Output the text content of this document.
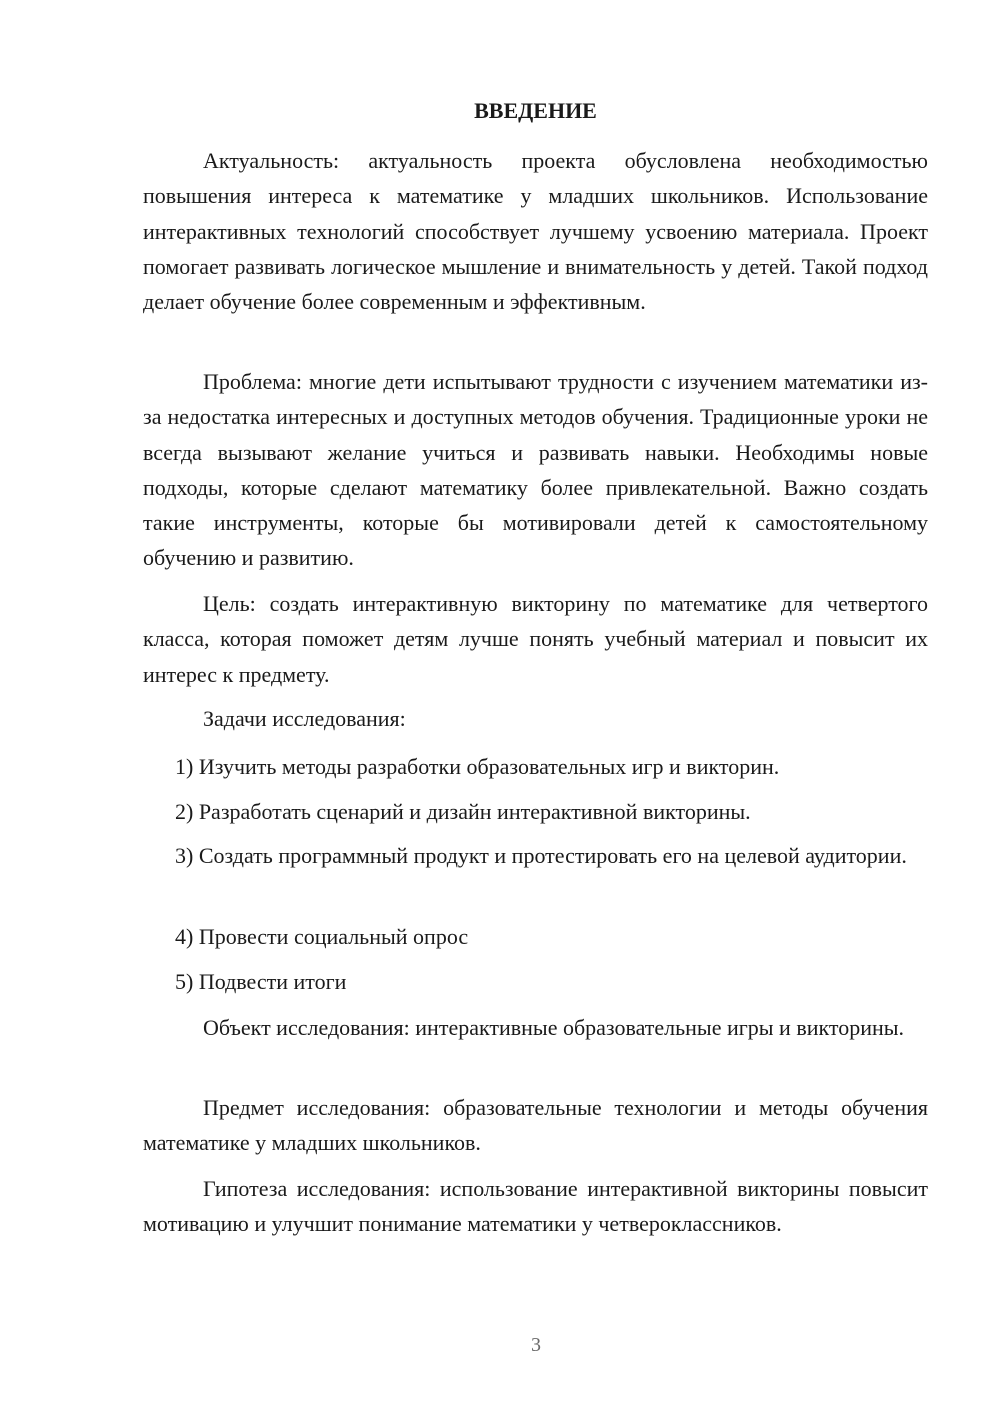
ВВЕДЕНИЕ

Актуальность: актуальность проекта обусловлена необходимостью повышения интереса к математике у младших школьников. Использование интерактивных технологий способствует лучшему усвоению материала. Проект помогает развивать логическое мышление и внимательность у детей. Такой подход делает обучение более современным и эффективным.

Проблема: многие дети испытывают трудности с изучением математики из-за недостатка интересных и доступных методов обучения. Традиционные уроки не всегда вызывают желание учиться и развивать навыки. Необходимы новые подходы, которые сделают математику более привлекательной. Важно создать такие инструменты, которые бы мотивировали детей к самостоятельному обучению и развитию.

Цель: создать интерактивную викторину по математике для четвертого класса, которая поможет детям лучше понять учебный материал и повысит их интерес к предмету.

Задачи исследования:

1) Изучить методы разработки образовательных игр и викторин.

2) Разработать сценарий и дизайн интерактивной викторины.

3) Создать программный продукт и протестировать его на целевой аудитории.

4) Провести социальный опрос

5) Подвести итоги

Объект исследования: интерактивные образовательные игры и викторины.

Предмет исследования: образовательные технологии и методы обучения математике у младших школьников.

Гипотеза исследования: использование интерактивной викторины повысит мотивацию и улучшит понимание математики у четвероклассников.

3
